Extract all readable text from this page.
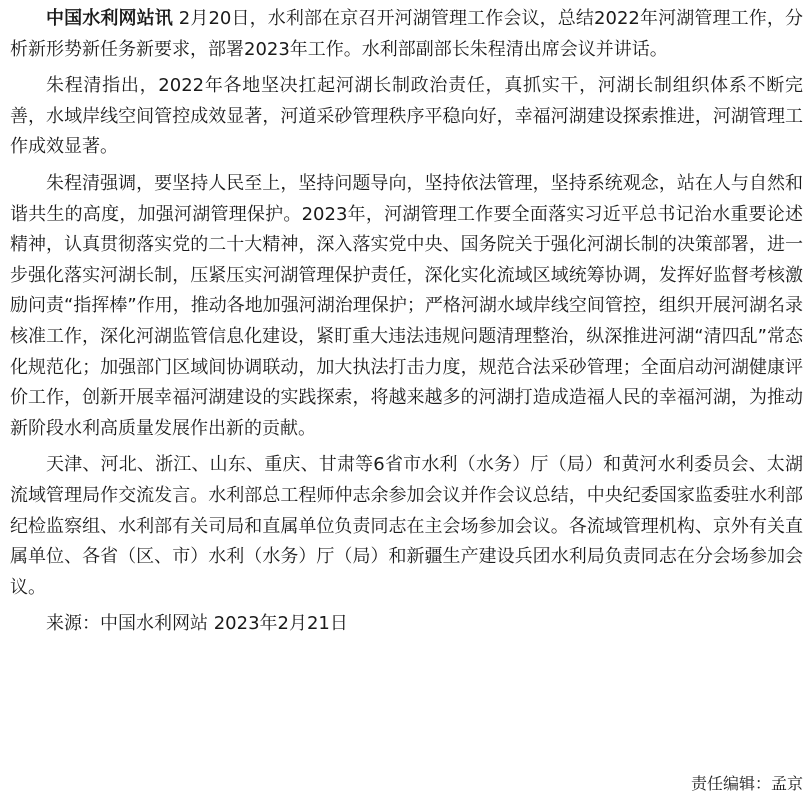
中国水利网站讯 2月20日，水利部在京召开河湖管理工作会议，总结2022年河湖管理工作，分析新形势新任务新要求，部署2023年工作。水利部副部长朱程清出席会议并讲话。

朱程清指出，2022年各地坚决扛起河湖长制政治责任，真抓实干，河湖长制组织体系不断完善，水域岸线空间管控成效显著，河道采砂管理秩序平稳向好，幸福河湖建设探索推进，河湖管理工作成效显著。

朱程清强调，要坚持人民至上，坚持问题导向，坚持依法管理，坚持系统观念，站在人与自然和谐共生的高度，加强河湖管理保护。2023年，河湖管理工作要全面落实习近平总书记治水重要论述精神，认真贯彻落实党的二十大精神，深入落实党中央、国务院关于强化河湖长制的决策部署，进一步强化落实河湖长制，压紧压实河湖管理保护责任，深化实化流域区域统筹协调，发挥好监督考核激励问责“指挥棒”作用，推动各地加强河湖治理保护；严格河湖水域岸线空间管控，组织开展河湖名录核准工作，深化河湖监管信息化建设，紧盯重大违法违规问题清理整治，纵深推进河湖“清四乱”常态化规范化；加强部门区域间协调联动，加大执法打击力度，规范合法采砂管理；全面启动河湖健康评价工作，创新开展幸福河湖建设的实践探索，将越来越多的河湖打造成造福人民的幸福河湖，为推动新阶段水利高质量发展作出新的贡献。

天津、河北、浙江、山东、重庆、甘肃等6省市水利（水务）厅（局）和黄河水利委员会、太湖流域管理局作交流发言。水利部总工程师仲志余参加会议并作会议总结，中央纪委国家监委驻水利部纪检监察组、水利部有关司局和直属单位负责同志在主会场参加会议。各流域管理机构、京外有关直属单位、各省（区、市）水利（水务）厅（局）和新疆生产建设兵团水利局负责同志在分会场参加会议。

来源：中国水利网站 2023年2月21日

责任编辑：孟京
